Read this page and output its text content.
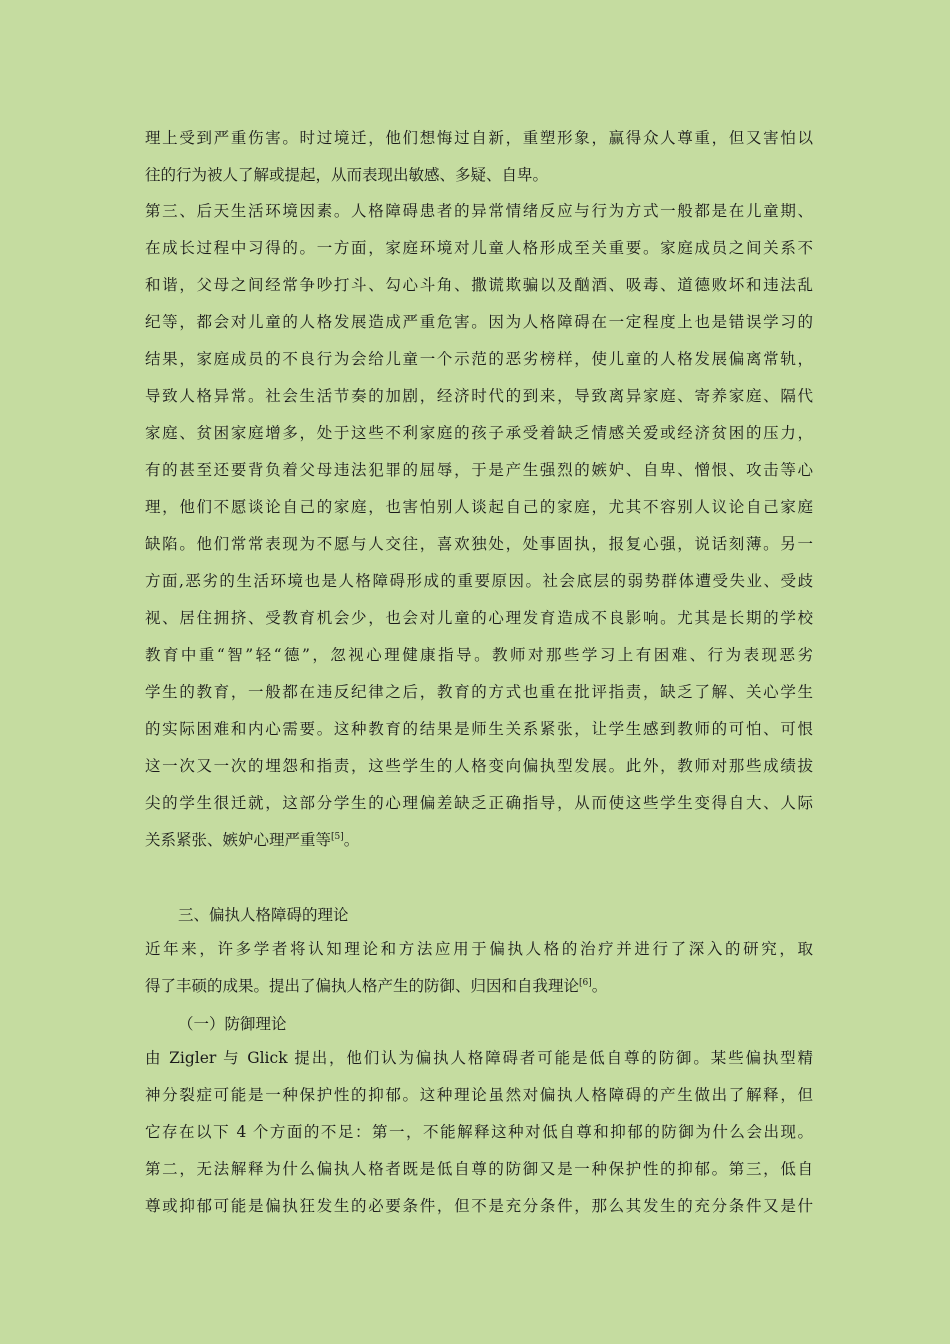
理上受到严重伤害。时过境迁，他们想悔过自新，重塑形象，赢得众人尊重，但又害怕以
往的行为被人了解或提起，从而表现出敏感、多疑、自卑。
第三、后天生活环境因素。人格障碍患者的异常情绪反应与行为方式一般都是在儿童期、
在成长过程中习得的。一方面，家庭环境对儿童人格形成至关重要。家庭成员之间关系不
和谐，父母之间经常争吵打斗、勾心斗角、撒谎欺骗以及酗酒、吸毒、道德败坏和违法乱
纪等，都会对儿童的人格发展造成严重危害。因为人格障碍在一定程度上也是错误学习的
结果，家庭成员的不良行为会给儿童一个示范的恶劣榜样，使儿童的人格发展偏离常轨，
导致人格异常。社会生活节奏的加剧，经济时代的到来，导致离异家庭、寄养家庭、隔代
家庭、贫困家庭增多，处于这些不利家庭的孩子承受着缺乏情感关爱或经济贫困的压力，
有的甚至还要背负着父母违法犯罪的屈辱，于是产生强烈的嫉妒、自卑、憎恨、攻击等心
理，他们不愿谈论自己的家庭，也害怕别人谈起自己的家庭，尤其不容别人议论自己家庭
缺陷。他们常常表现为不愿与人交往，喜欢独处，处事固执，报复心强，说话刻薄。另一
方面,恶劣的生活环境也是人格障碍形成的重要原因。社会底层的弱势群体遭受失业、受歧
视、居住拥挤、受教育机会少，也会对儿童的心理发育造成不良影响。尤其是长期的学校
教育中重“智”轻“德”，忽视心理健康指导。教师对那些学习上有困难、行为表现恶劣
学生的教育，一般都在违反纪律之后，教育的方式也重在批评指责，缺乏了解、关心学生
的实际困难和内心需要。这种教育的结果是师生关系紧张，让学生感到教师的可怕、可恨
这一次又一次的埋怨和指责，这些学生的人格变向偏执型发展。此外，教师对那些成绩拔
尖的学生很迁就，这部分学生的心理偏差缺乏正确指导，从而使这些学生变得自大、人际
关系紧张、嫉妒心理严重等[5]。

三、偏执人格障碍的理论

近年来，许多学者将认知理论和方法应用于偏执人格的治疗并进行了深入的研究，取
得了丰硕的成果。提出了偏执人格产生的防御、归因和自我理论[6]。

（一）防御理论

由 Zigler 与 Glick 提出，他们认为偏执人格障碍者可能是低自尊的防御。某些偏执型精
神分裂症可能是一种保护性的抑郁。这种理论虽然对偏执人格障碍的产生做出了解释，但
它存在以下 4 个方面的不足：第一，不能解释这种对低自尊和抑郁的防御为什么会出现。
第二，无法解释为什么偏执人格者既是低自尊的防御又是一种保护性的抑郁。第三，低自
尊或抑郁可能是偏执狂发生的必要条件，但不是充分条件，那么其发生的充分条件又是什
